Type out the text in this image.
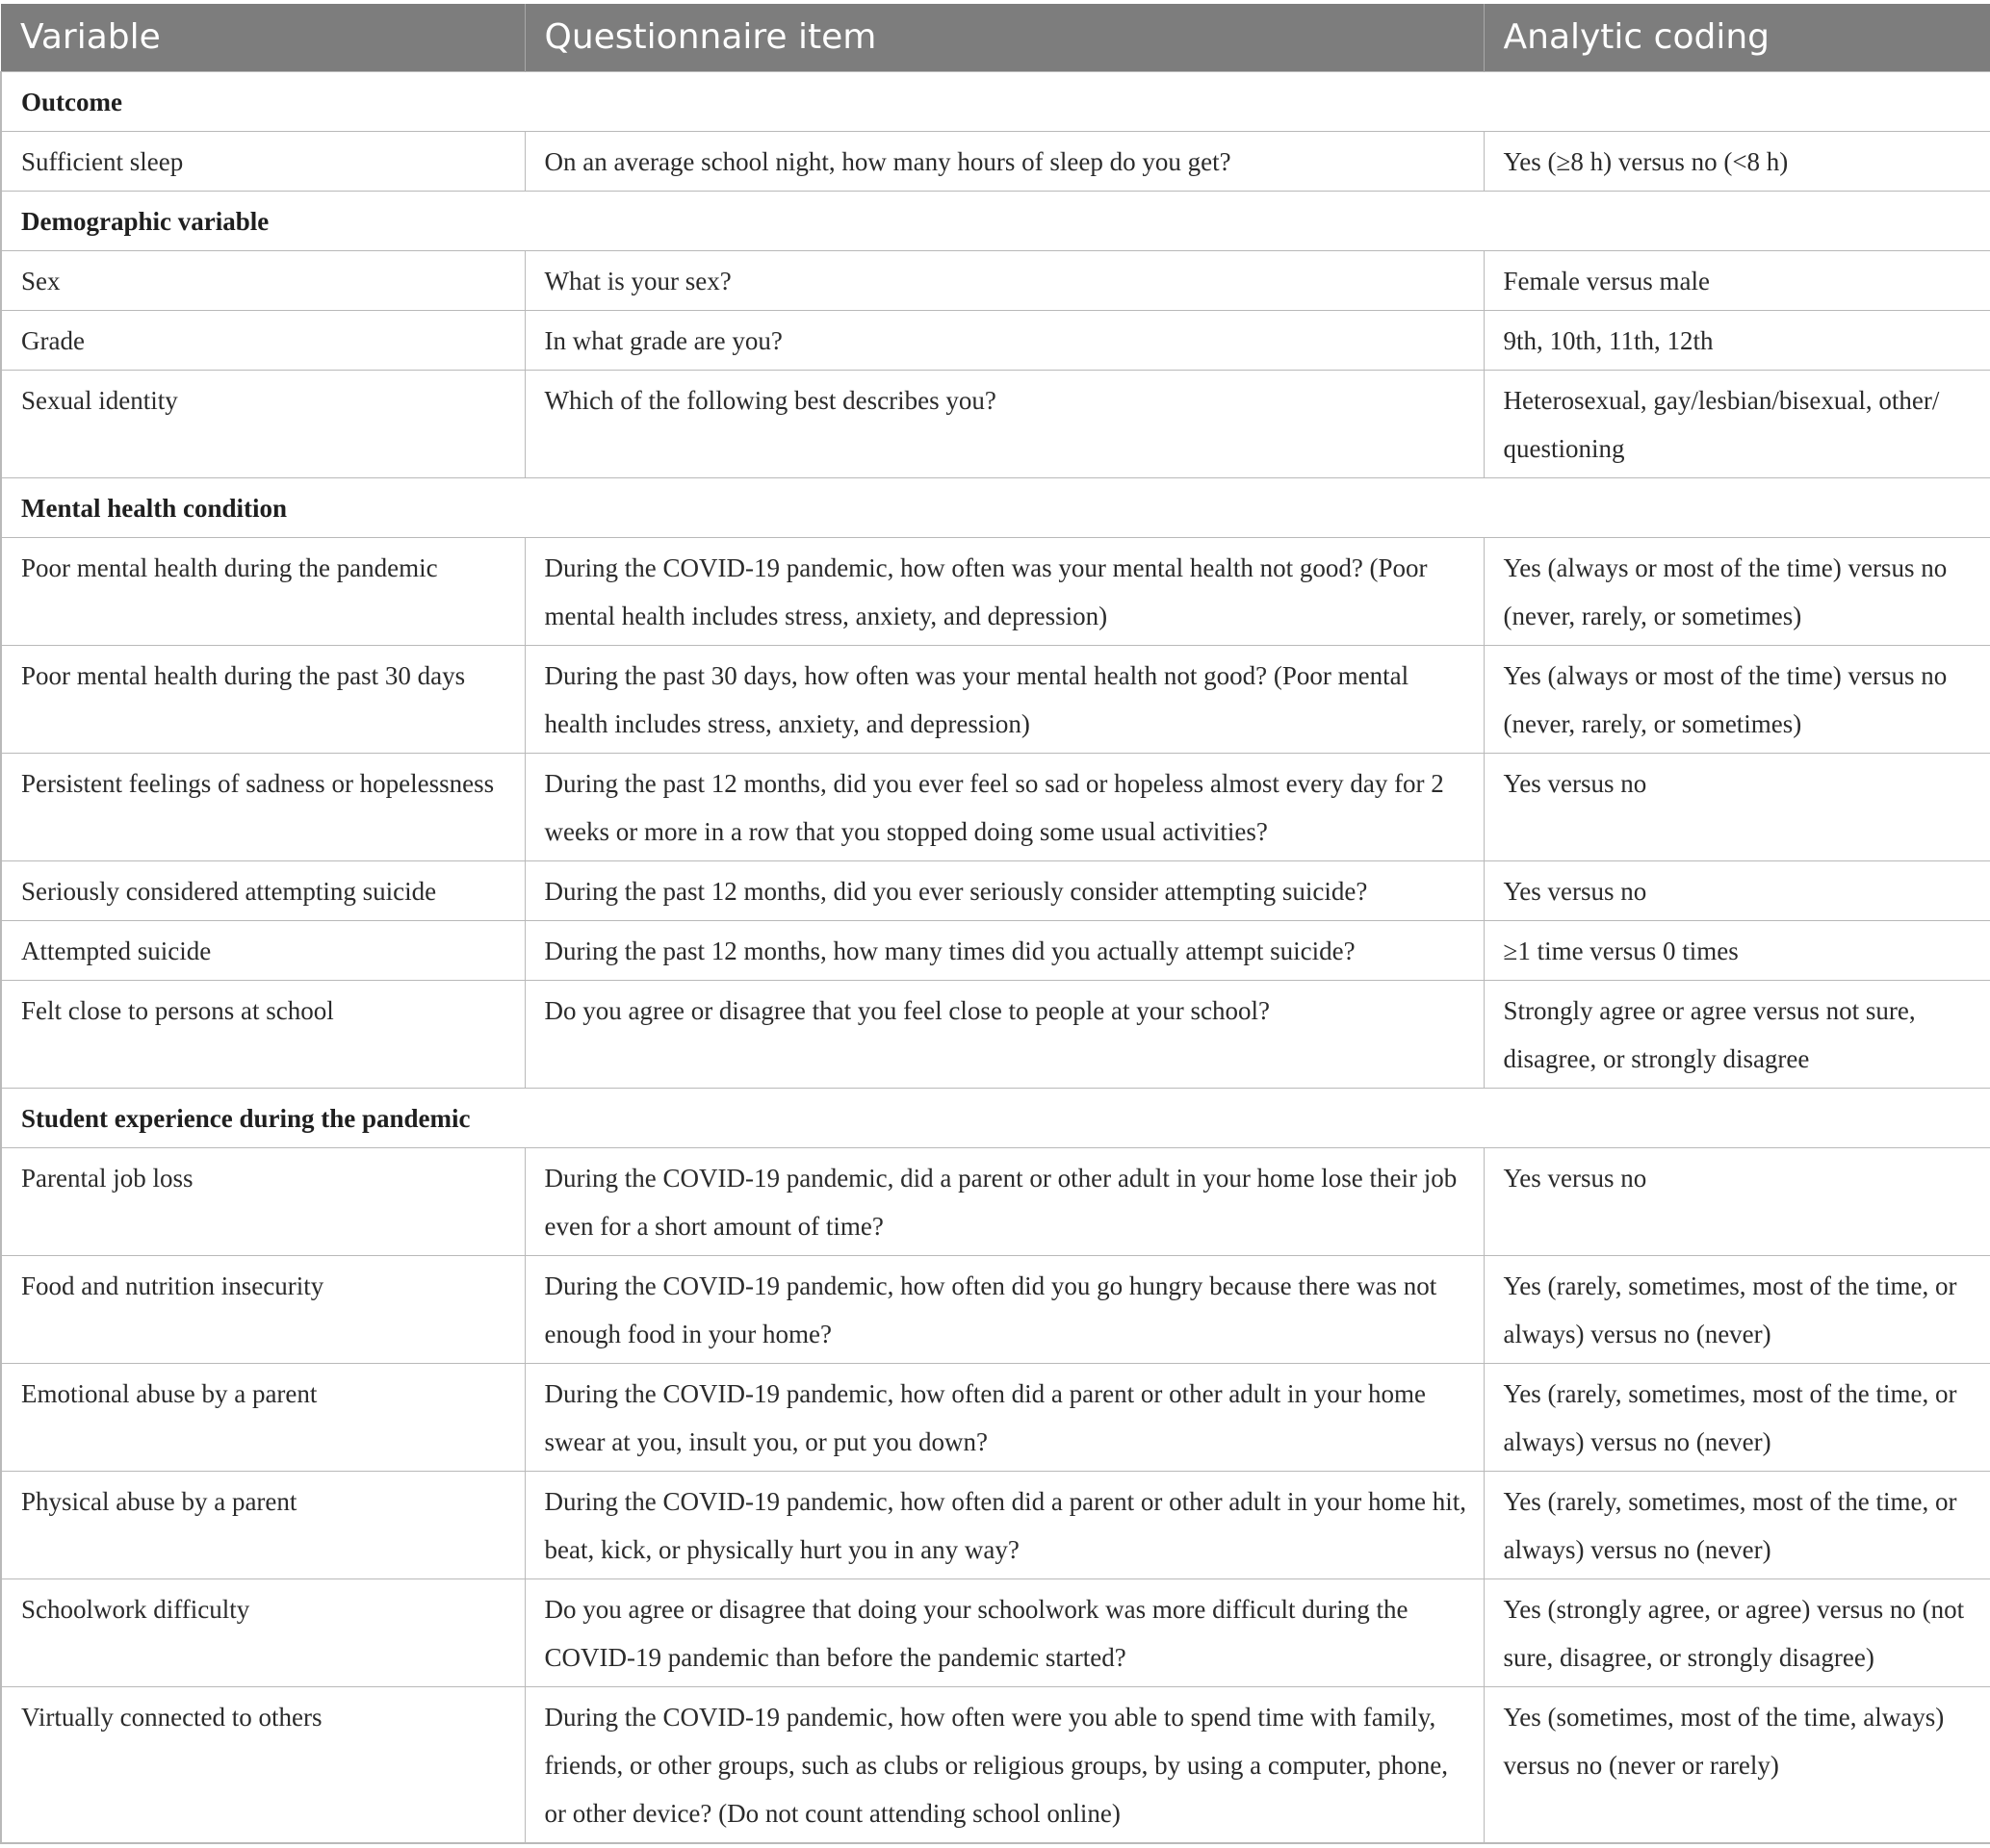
Variable	Questionnaire item	Analytic coding
Outcome		
Sufficient sleep	On an average school night, how many hours of sleep do you get?	Yes (≥8 h) versus no (<8 h)
Demographic variable		
Sex	What is your sex?	Female versus male
Grade	In what grade are you?	9th, 10th, 11th, 12th
Sexual identity	Which of the following best describes you?	Heterosexual, gay/lesbian/bisexual, other/ questioning
Mental health condition		
Poor mental health during the pandemic	During the COVID-19 pandemic, how often was your mental health not good? (Poor mental health includes stress, anxiety, and depression)	Yes (always or most of the time) versus no (never, rarely, or sometimes)
Poor mental health during the past 30 days	During the past 30 days, how often was your mental health not good? (Poor mental health includes stress, anxiety, and depression)	Yes (always or most of the time) versus no (never, rarely, or sometimes)
Persistent feelings of sadness or hopelessness	During the past 12 months, did you ever feel so sad or hopeless almost every day for 2 weeks or more in a row that you stopped doing some usual activities?	Yes versus no
Seriously considered attempting suicide	During the past 12 months, did you ever seriously consider attempting suicide?	Yes versus no
Attempted suicide	During the past 12 months, how many times did you actually attempt suicide?	≥1 time versus 0 times
Felt close to persons at school	Do you agree or disagree that you feel close to people at your school?	Strongly agree or agree versus not sure, disagree, or strongly disagree
Student experience during the pandemic		
Parental job loss	During the COVID-19 pandemic, did a parent or other adult in your home lose their job even for a short amount of time?	Yes versus no
Food and nutrition insecurity	During the COVID-19 pandemic, how often did you go hungry because there was not enough food in your home?	Yes (rarely, sometimes, most of the time, or always) versus no (never)
Emotional abuse by a parent	During the COVID-19 pandemic, how often did a parent or other adult in your home swear at you, insult you, or put you down?	Yes (rarely, sometimes, most of the time, or always) versus no (never)
Physical abuse by a parent	During the COVID-19 pandemic, how often did a parent or other adult in your home hit, beat, kick, or physically hurt you in any way?	Yes (rarely, sometimes, most of the time, or always) versus no (never)
Schoolwork difficulty	Do you agree or disagree that doing your schoolwork was more difficult during the COVID-19 pandemic than before the pandemic started?	Yes (strongly agree, or agree) versus no (not sure, disagree, or strongly disagree)
Virtually connected to others	During the COVID-19 pandemic, how often were you able to spend time with family, friends, or other groups, such as clubs or religious groups, by using a computer, phone, or other device? (Do not count attending school online)	Yes (sometimes, most of the time, always) versus no (never or rarely)
